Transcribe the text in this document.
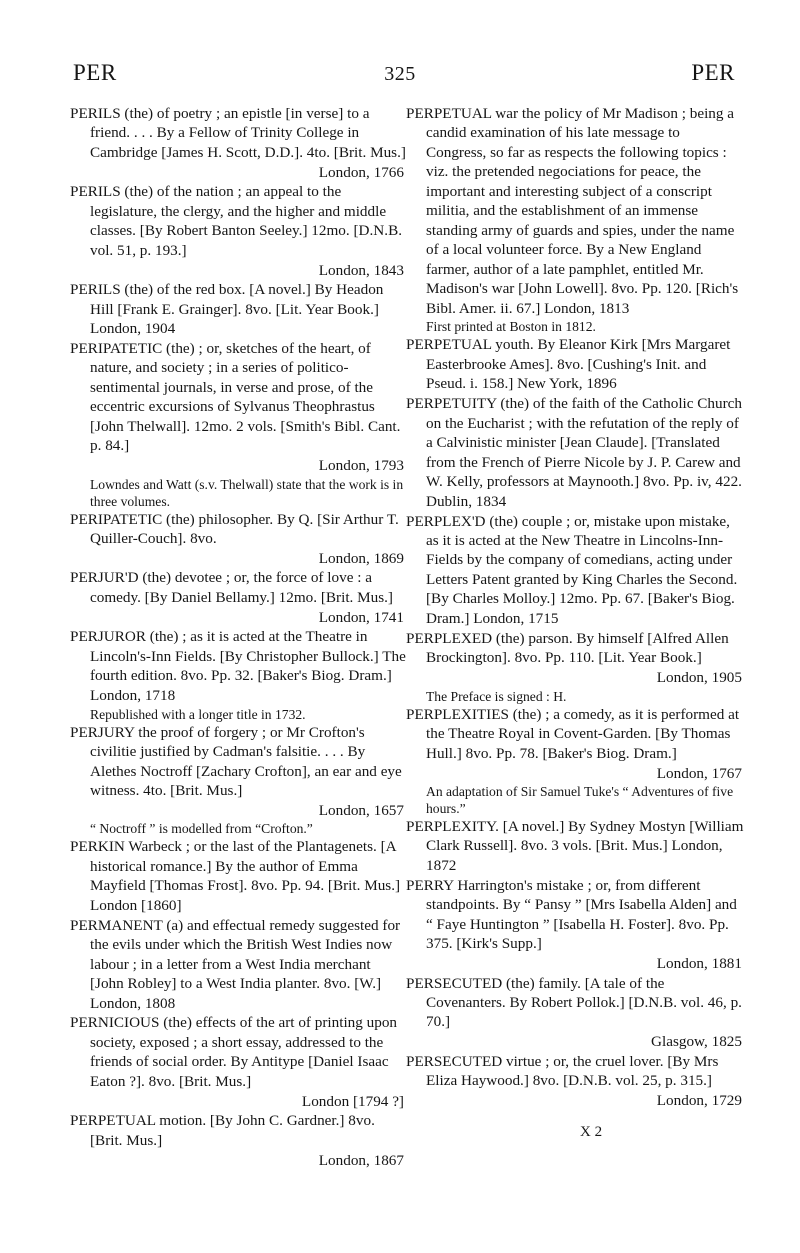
PER	325	PER
PERILS (the) of poetry ; an epistle [in verse] to a friend. . . . By a Fellow of Trinity College in Cambridge [James H. Scott, D.D.]. 4to. [Brit. Mus.]
London, 1766
PERILS (the) of the nation ; an appeal to the legislature, the clergy, and the higher and middle classes. [By Robert Banton Seeley.] 12mo. [D.N.B. vol. 51, p. 193.]
London, 1843
PERILS (the) of the red box. [A novel.] By Headon Hill [Frank E. Grainger]. 8vo. [Lit. Year Book.] London, 1904
PERIPATETIC (the) ; or, sketches of the heart, of nature, and society ; in a series of politico-sentimental journals, in verse and prose, of the eccentric excursions of Sylvanus Theophrastus [John Thelwall]. 12mo. 2 vols. [Smith's Bibl. Cant. p. 84.]
London, 1793
Lowndes and Watt (s.v. Thelwall) state that the work is in three volumes.
PERIPATETIC (the) philosopher. By Q. [Sir Arthur T. Quiller-Couch]. 8vo.
London, 1869
PERJUR'D (the) devotee ; or, the force of love : a comedy. [By Daniel Bellamy.] 12mo. [Brit. Mus.]
London, 1741
PERJUROR (the) ; as it is acted at the Theatre in Lincoln's-Inn Fields. [By Christopher Bullock.] The fourth edition. 8vo. Pp. 32. [Baker's Biog. Dram.] London, 1718
Republished with a longer title in 1732.
PERJURY the proof of forgery ; or Mr Crofton's civilitie justified by Cadman's falsitie. . . . By Alethes Noctroff [Zachary Crofton], an ear and eye witness. 4to. [Brit. Mus.]
London, 1657
“ Noctroff ” is modelled from “Crofton.”
PERKIN Warbeck ; or the last of the Plantagenets. [A historical romance.] By the author of Emma Mayfield [Thomas Frost]. 8vo. Pp. 94. [Brit. Mus.] London [1860]
PERMANENT (a) and effectual remedy suggested for the evils under which the British West Indies now labour ; in a letter from a West India merchant [John Robley] to a West India planter. 8vo. [W.] London, 1808
PERNICIOUS (the) effects of the art of printing upon society, exposed ; a short essay, addressed to the friends of social order. By Antitype [Daniel Isaac Eaton ?]. 8vo. [Brit. Mus.]
London [1794 ?]
PERPETUAL motion. [By John C. Gardner.] 8vo. [Brit. Mus.]
London, 1867
PERPETUAL war the policy of Mr Madison ; being a candid examination of his late message to Congress, so far as respects the following topics : viz. the pretended negociations for peace, the important and interesting subject of a conscript militia, and the establishment of an immense standing army of guards and spies, under the name of a local volunteer force. By a New England farmer, author of a late pamphlet, entitled Mr. Madison's war [John Lowell]. 8vo. Pp. 120. [Rich's Bibl. Amer. ii. 67.] London, 1813
First printed at Boston in 1812.
PERPETUAL youth. By Eleanor Kirk [Mrs Margaret Easterbrooke Ames]. 8vo. [Cushing's Init. and Pseud. i. 158.] New York, 1896
PERPETUITY (the) of the faith of the Catholic Church on the Eucharist ; with the refutation of the reply of a Calvinistic minister [Jean Claude]. [Translated from the French of Pierre Nicole by J. P. Carew and W. Kelly, professors at Maynooth.] 8vo. Pp. iv, 422. Dublin, 1834
PERPLEX'D (the) couple ; or, mistake upon mistake, as it is acted at the New Theatre in Lincolns-Inn-Fields by the company of comedians, acting under Letters Patent granted by King Charles the Second. [By Charles Molloy.] 12mo. Pp. 67. [Baker's Biog. Dram.] London, 1715
PERPLEXED (the) parson. By himself [Alfred Allen Brockington]. 8vo. Pp. 110. [Lit. Year Book.]
London, 1905
The Preface is signed : H.
PERPLEXITIES (the) ; a comedy, as it is performed at the Theatre Royal in Covent-Garden. [By Thomas Hull.] 8vo. Pp. 78. [Baker's Biog. Dram.]
London, 1767
An adaptation of Sir Samuel Tuke's “ Adventures of five hours.”
PERPLEXITY. [A novel.] By Sydney Mostyn [William Clark Russell]. 8vo. 3 vols. [Brit. Mus.] London, 1872
PERRY Harrington's mistake ; or, from different standpoints. By “ Pansy ” [Mrs Isabella Alden] and “ Faye Huntington ” [Isabella H. Foster]. 8vo. Pp. 375. [Kirk's Supp.]
London, 1881
PERSECUTED (the) family. [A tale of the Covenanters. By Robert Pollok.] [D.N.B. vol. 46, p. 70.]
Glasgow, 1825
PERSECUTED virtue ; or, the cruel lover. [By Mrs Eliza Haywood.] 8vo. [D.N.B. vol. 25, p. 315.]
London, 1729
X 2
